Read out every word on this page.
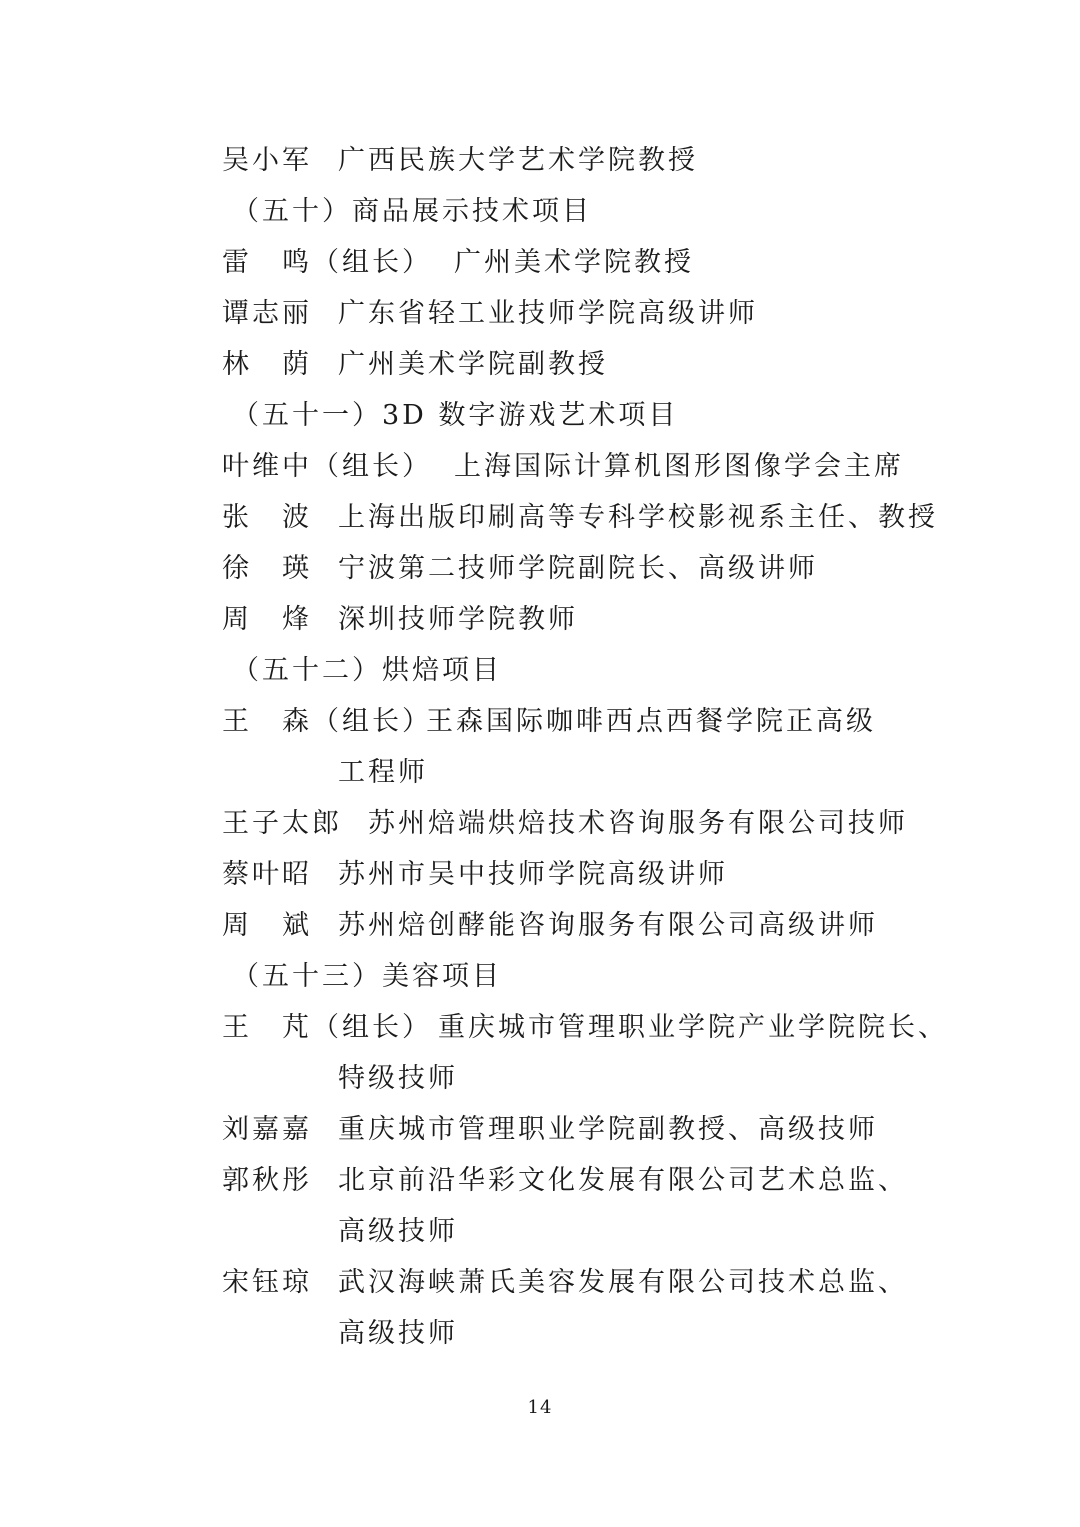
吴小军 广西民族大学艺术学院教授
（五十）商品展示技术项目
雷　鸣（组长） 广州美术学院教授
谭志丽 广东省轻工业技师学院高级讲师
林　荫 广州美术学院副教授
（五十一）3D 数字游戏艺术项目
叶维中（组长） 上海国际计算机图形图像学会主席
张　波 上海出版印刷高等专科学校影视系主任、教授
徐　瑛 宁波第二技师学院副院长、高级讲师
周　烽 深圳技师学院教师
（五十二）烘焙项目
王　森（组长）
王森国际咖啡西点西餐学院正高级
工程师
王子太郎 苏州焙端烘焙技术咨询服务有限公司技师
蔡叶昭 苏州市吴中技师学院高级讲师
周　斌 苏州焙创酵能咨询服务有限公司高级讲师
（五十三）美容项目
王　芃（组长） 重庆城市管理职业学院产业学院院长、
特级技师
刘嘉嘉 重庆城市管理职业学院副教授、高级技师
郭秋彤 北京前沿华彩文化发展有限公司艺术总监、
高级技师
宋钰琼 武汉海峡萧氏美容发展有限公司技术总监、
高级技师
14
